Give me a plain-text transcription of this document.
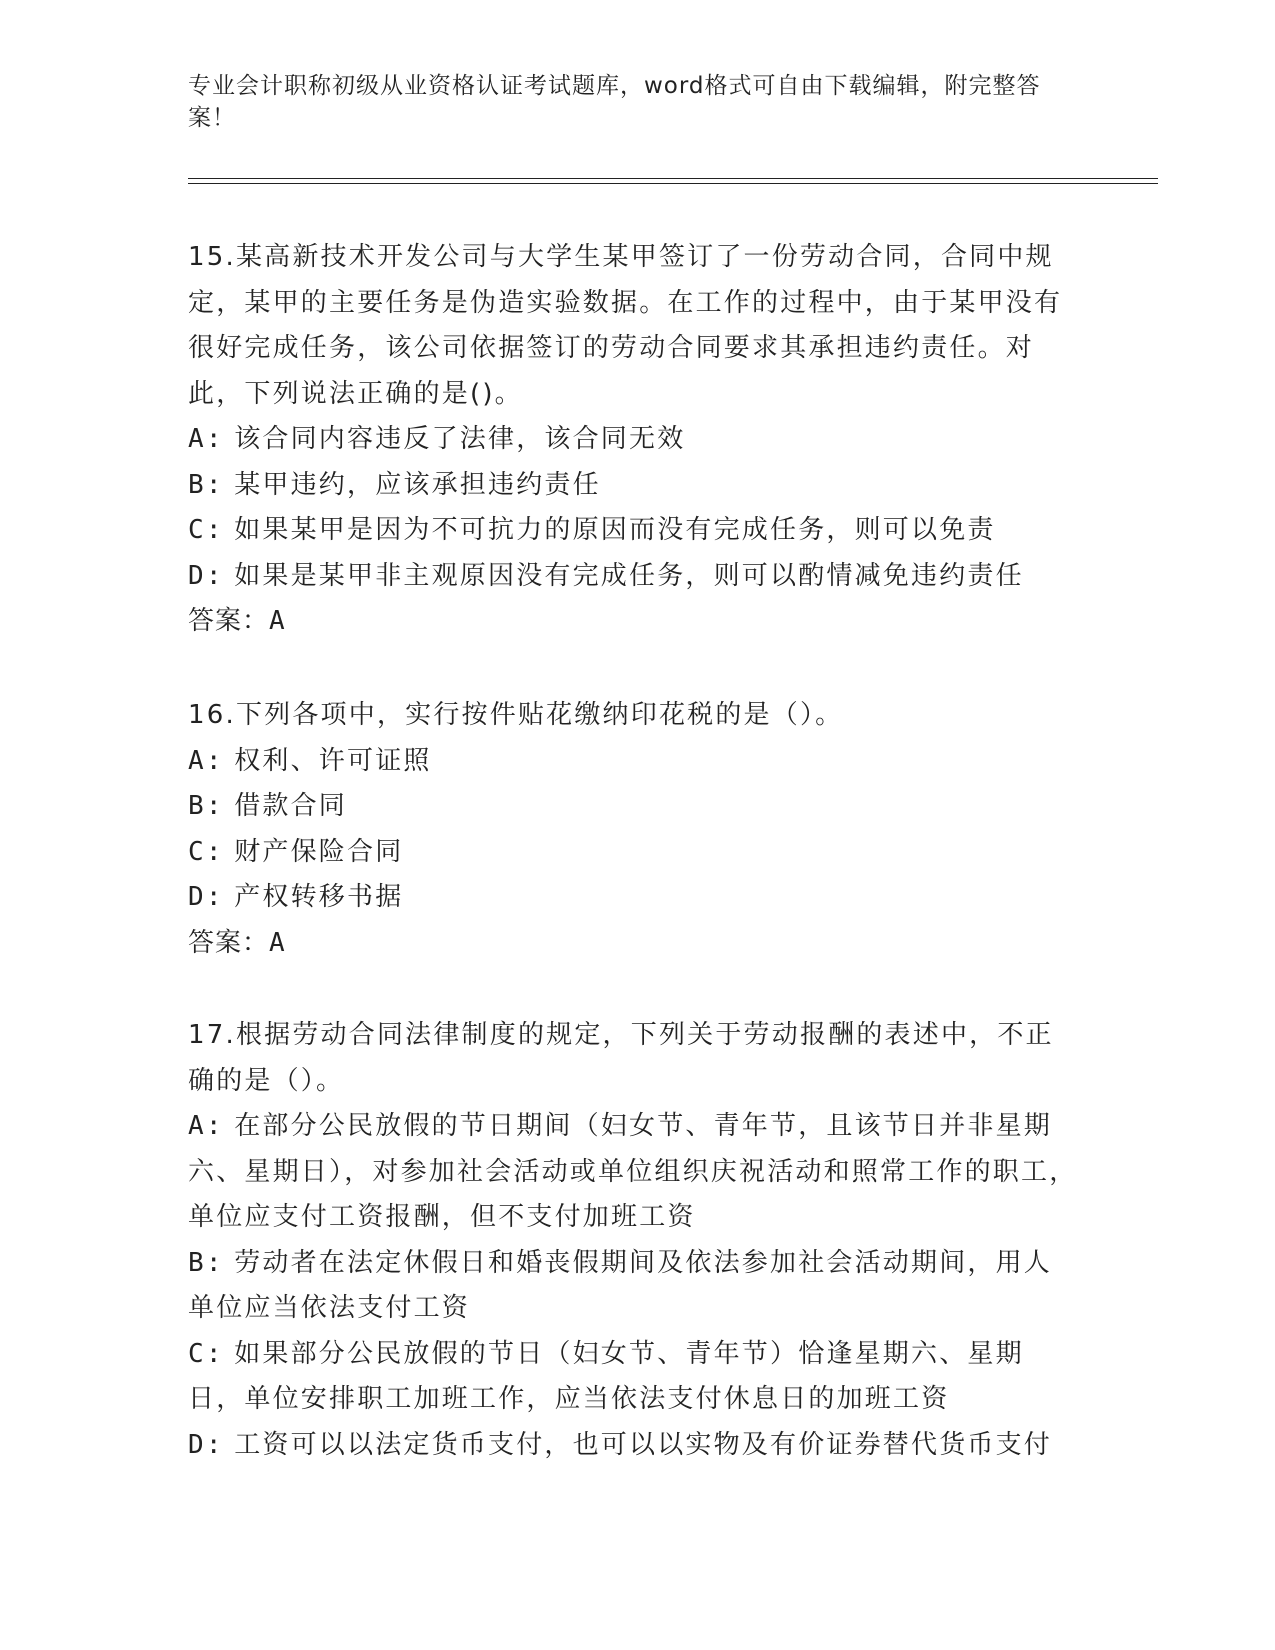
专业会计职称初级从业资格认证考试题库，word格式可自由下载编辑，附完整答案！
15.某高新技术开发公司与大学生某甲签订了一份劳动合同，合同中规定，某甲的主要任务是伪造实验数据。在工作的过程中，由于某甲没有很好完成任务，该公司依据签订的劳动合同要求其承担违约责任。对此，下列说法正确的是()。
A: 该合同内容违反了法律，该合同无效
B: 某甲违约，应该承担违约责任
C: 如果某甲是因为不可抗力的原因而没有完成任务，则可以免责
D: 如果是某甲非主观原因没有完成任务，则可以酌情减免违约责任
答案：A
16.下列各项中，实行按件贴花缴纳印花税的是（）。
A: 权利、许可证照
B: 借款合同
C: 财产保险合同
D: 产权转移书据
答案：A
17.根据劳动合同法律制度的规定，下列关于劳动报酬的表述中，不正确的是（）。
A: 在部分公民放假的节日期间（妇女节、青年节，且该节日并非星期六、星期日），对参加社会活动或单位组织庆祝活动和照常工作的职工，单位应支付工资报酬，但不支付加班工资
B: 劳动者在法定休假日和婚丧假期间及依法参加社会活动期间，用人单位应当依法支付工资
C: 如果部分公民放假的节日（妇女节、青年节）恰逢星期六、星期日，单位安排职工加班工作，应当依法支付休息日的加班工资
D: 工资可以以法定货币支付，也可以以实物及有价证券替代货币支付
